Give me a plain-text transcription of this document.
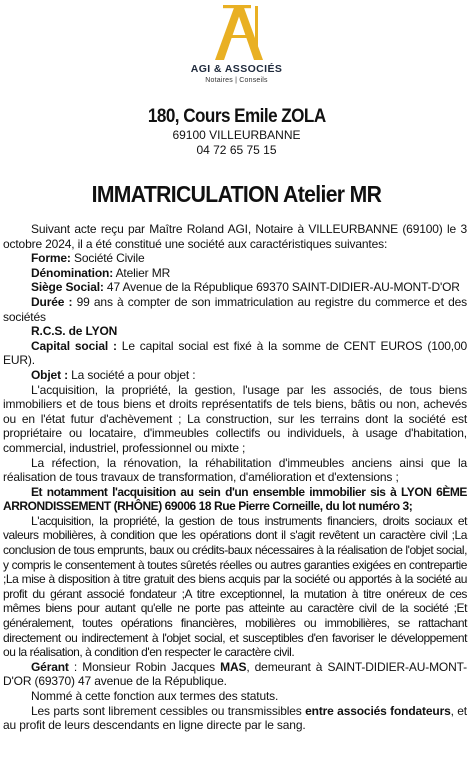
AGI & ASSOCIÉS
Notaires | Conseils
180, Cours Emile ZOLA
69100 VILLEURBANNE
04 72 65 75 15
IMMATRICULATION Atelier MR

Suivant acte reçu par Maître Roland AGI, Notaire à VILLEURBANNE (69100) le 3 octobre 2024, il a été constitué une société aux caractéristiques suivantes:

Forme: Société Civile

Dénomination: Atelier MR

Siège Social: 47 Avenue de la République 69370 SAINT-DIDIER-AU-MONT-D'OR

Durée : 99 ans à compter de son immatriculation au registre du commerce et des sociétés

R.C.S. de LYON

Capital social : Le capital social est fixé à la somme de CENT EUROS (100,00 EUR).

Objet : La société a pour objet :

L'acquisition, la propriété, la gestion, l'usage par les associés, de tous biens immobiliers et de tous biens et droits représentatifs de tels biens, bâtis ou non, achevés ou en l'état futur d'achèvement ; La construction, sur les terrains dont la société est propriétaire ou locataire, d'immeubles collectifs ou individuels, à usage d'habitation, commercial, industriel, professionnel ou mixte ;

La réfection, la rénovation, la réhabilitation d'immeubles anciens ainsi que la réalisation de tous travaux de transformation, d'amélioration et d'extensions ;

Et notamment l'acquisition au sein d'un ensemble immobilier sis à LYON 6ÈME ARRONDISSEMENT (RHÔNE) 69006 18 Rue Pierre Corneille, du lot numéro 3;

L'acquisition, la propriété, la gestion de tous instruments financiers, droits sociaux et valeurs mobilières, à condition que les opérations dont il s'agit revêtent un caractère civil ;La conclusion de tous emprunts, baux ou crédits-baux nécessaires à la réalisation de l'objet social, y compris le consentement à toutes sûretés réelles ou autres garanties exigées en contrepartie ;La mise à disposition à titre gratuit des biens acquis par la société ou apportés à la société au profit du gérant associé fondateur ;A titre exceptionnel, la mutation à titre onéreux de ces mêmes biens pour autant qu'elle ne porte pas atteinte au caractère civil de la société ;Et généralement, toutes opérations financières, mobilières ou immobilières, se rattachant directement ou indirectement à l'objet social, et susceptibles d'en favoriser le développement ou la réalisation, à condition d'en respecter le caractère civil.

Gérant : Monsieur Robin Jacques MAS, demeurant à SAINT-DIDIER-AU-MONT-D'OR (69370) 47 avenue de la République.

Nommé à cette fonction aux termes des statuts.

Les parts sont librement cessibles ou transmissibles entre associés fondateurs, et au profit de leurs descendants en ligne directe par le sang.
